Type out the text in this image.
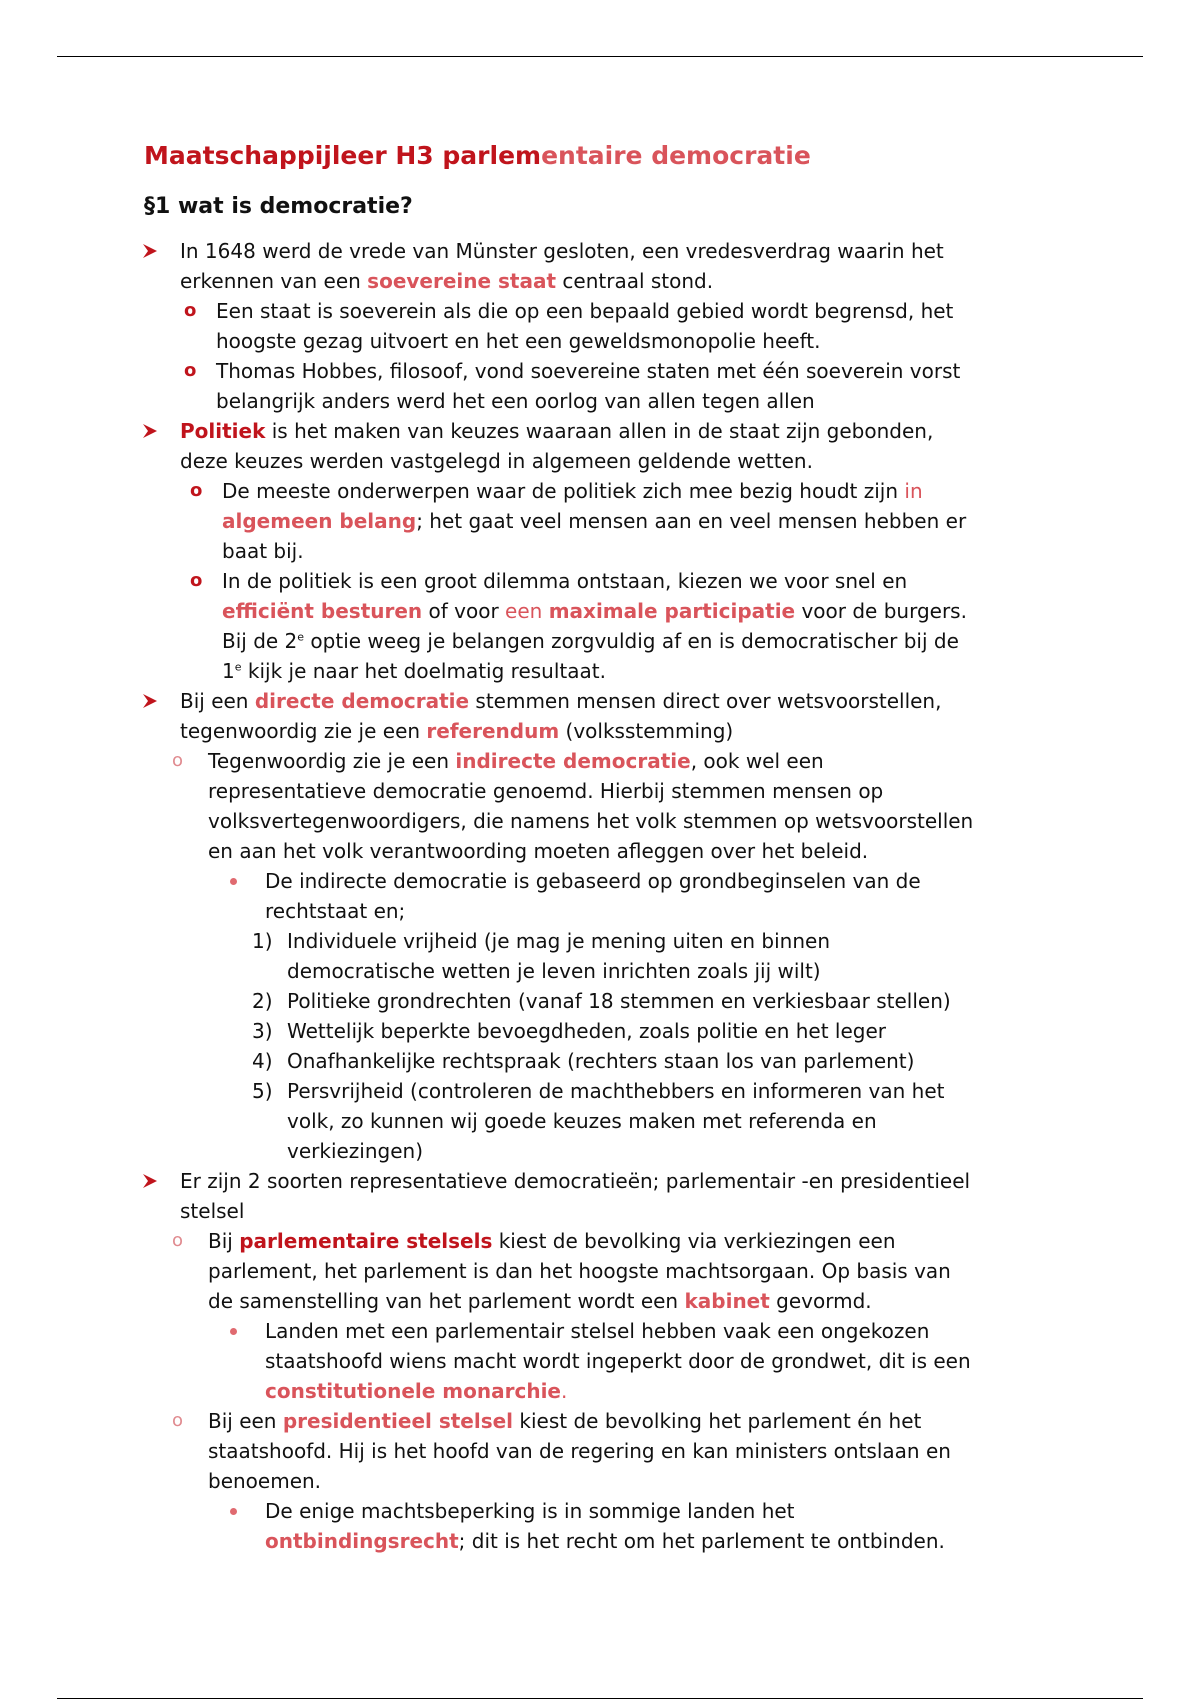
Maatschappijleer H3 parlementaire democratie
§1 wat is democratie?
In 1648 werd de vrede van Münster gesloten, een vredesverdrag waarin het
erkennen van een soevereine staat centraal stond.
o Een staat is soeverein als die op een bepaald gebied wordt begrensd, het
hoogste gezag uitvoert en het een geweldsmonopolie heeft.
o Thomas Hobbes, filosoof, vond soevereine staten met één soeverein vorst
belangrijk anders werd het een oorlog van allen tegen allen
Politiek is het maken van keuzes waaraan allen in de staat zijn gebonden,
deze keuzes werden vastgelegd in algemeen geldende wetten.
o De meeste onderwerpen waar de politiek zich mee bezig houdt zijn in
algemeen belang; het gaat veel mensen aan en veel mensen hebben er
baat bij.
o In de politiek is een groot dilemma ontstaan, kiezen we voor snel en
efficiënt besturen of voor een maximale participatie voor de burgers.
Bij de 2e optie weeg je belangen zorgvuldig af en is democratischer bij de
1e kijk je naar het doelmatig resultaat.
Bij een directe democratie stemmen mensen direct over wetsvoorstellen,
tegenwoordig zie je een referendum (volksstemming)
o Tegenwoordig zie je een indirecte democratie, ook wel een
representatieve democratie genoemd. Hierbij stemmen mensen op
volksvertegenwoordigers, die namens het volk stemmen op wetsvoorstellen
en aan het volk verantwoording moeten afleggen over het beleid.
De indirecte democratie is gebaseerd op grondbeginselen van de
rechtstaat en;
1) Individuele vrijheid (je mag je mening uiten en binnen
democratische wetten je leven inrichten zoals jij wilt)
2) Politieke grondrechten (vanaf 18 stemmen en verkiesbaar stellen)
3) Wettelijk beperkte bevoegdheden, zoals politie en het leger
4) Onafhankelijke rechtspraak (rechters staan los van parlement)
5) Persvrijheid (controleren de machthebbers en informeren van het
volk, zo kunnen wij goede keuzes maken met referenda en
verkiezingen)
Er zijn 2 soorten representatieve democratieën; parlementair -en presidentieel
stelsel
o Bij parlementaire stelsels kiest de bevolking via verkiezingen een
parlement, het parlement is dan het hoogste machtsorgaan. Op basis van
de samenstelling van het parlement wordt een kabinet gevormd.
Landen met een parlementair stelsel hebben vaak een ongekozen
staatshoofd wiens macht wordt ingeperkt door de grondwet, dit is een
constitutionele monarchie.
o Bij een presidentieel stelsel kiest de bevolking het parlement én het
staatshoofd. Hij is het hoofd van de regering en kan ministers ontslaan en
benoemen.
De enige machtsbeperking is in sommige landen het
ontbindingsrecht; dit is het recht om het parlement te ontbinden.
